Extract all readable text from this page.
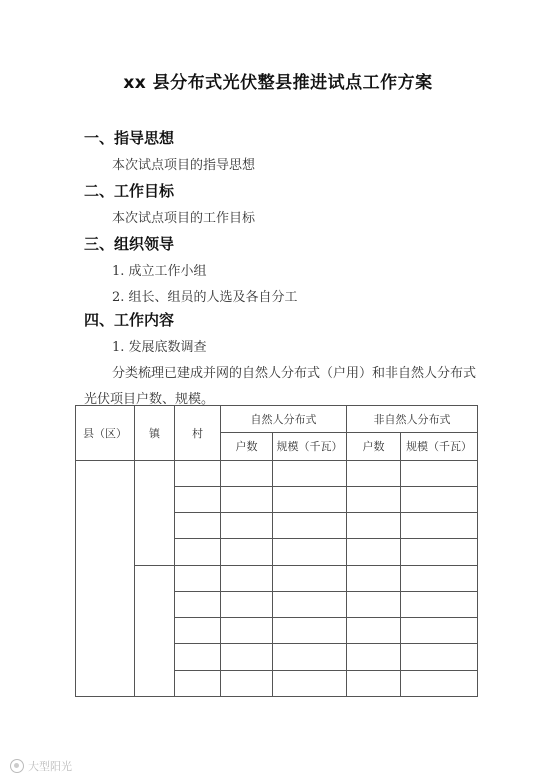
xx 县分布式光伏整县推进试点工作方案
一、指导思想
本次试点项目的指导思想
二、工作目标
本次试点项目的工作目标
三、组织领导
1. 成立工作小组
2. 组长、组员的人选及各自分工
四、工作内容
1. 发展底数调查
分类梳理已建成并网的自然人分布式（户用）和非自然人分布式
光伏项目户数、规模。
县（区）	镇	村	自然人分布式		非自然人分布式	
			户数	规模（千瓦）	户数	规模（千瓦）

大型阳光
